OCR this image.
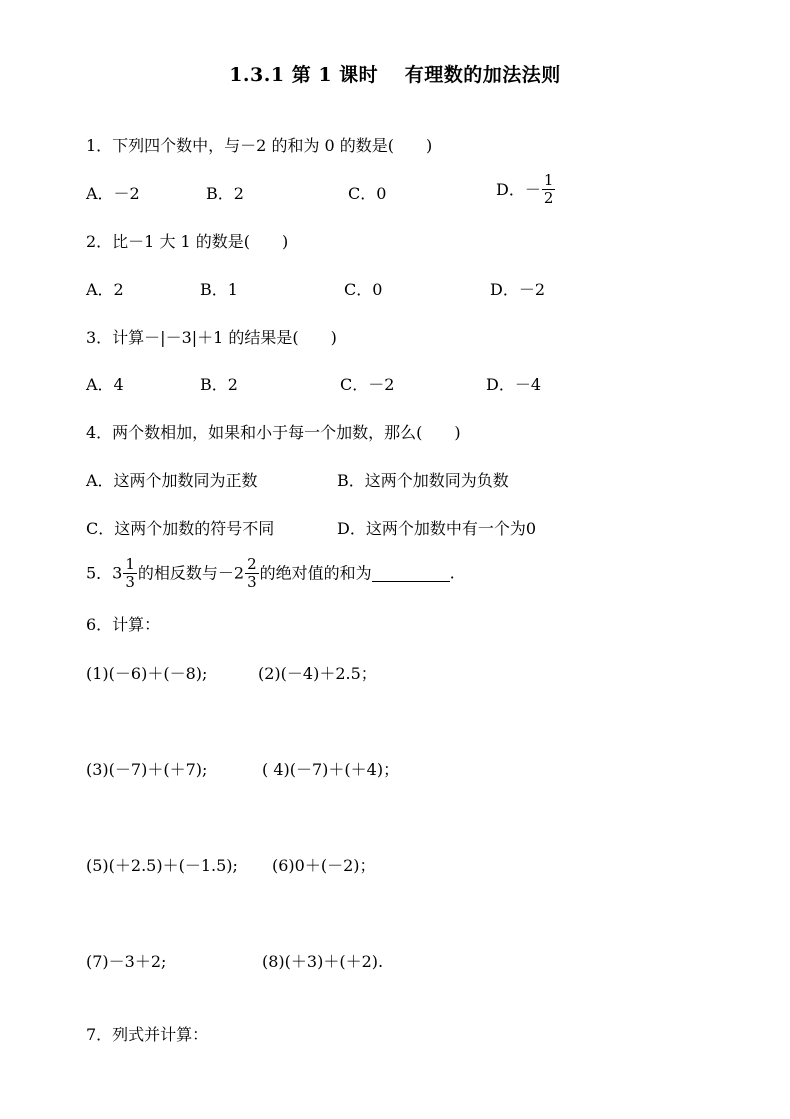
1.3.1 第 1 课时　 有理数的加法法则
1．下列四个数中，与－2 的和为 0 的数是(　　)
A．－2	B．2	C．0	D．－ $\frac{1}{2}$
2．比－1 大 1 的数是(　　)
A．2	B．1	C．0	D．－2
3．计算－|－3|＋1 的结果是(　　)
A．4	B．2	C．－2	D．－4
4．两个数相加，如果和小于每一个加数，那么(　　)
A．这两个加数同为正数	B．这两个加数同为负数
C．这两个加数的符号不同	D．这两个加数中有一个为0
5．$3 \frac{1}{3}$ 的相反数与$-2 \frac{2}{3}$ 的绝对值的和为	.
6．计算：
(1)(－6)＋(－8);	(2)(－4)＋2.5；
(3)(－7)＋(＋7);	( 4)(－7)＋(＋4)；
(5)(＋2.5)＋(－1.5); (6)0＋(－2)；
(7)－3＋2;	(8)(＋3)＋(＋2).
7．列式并计算：
